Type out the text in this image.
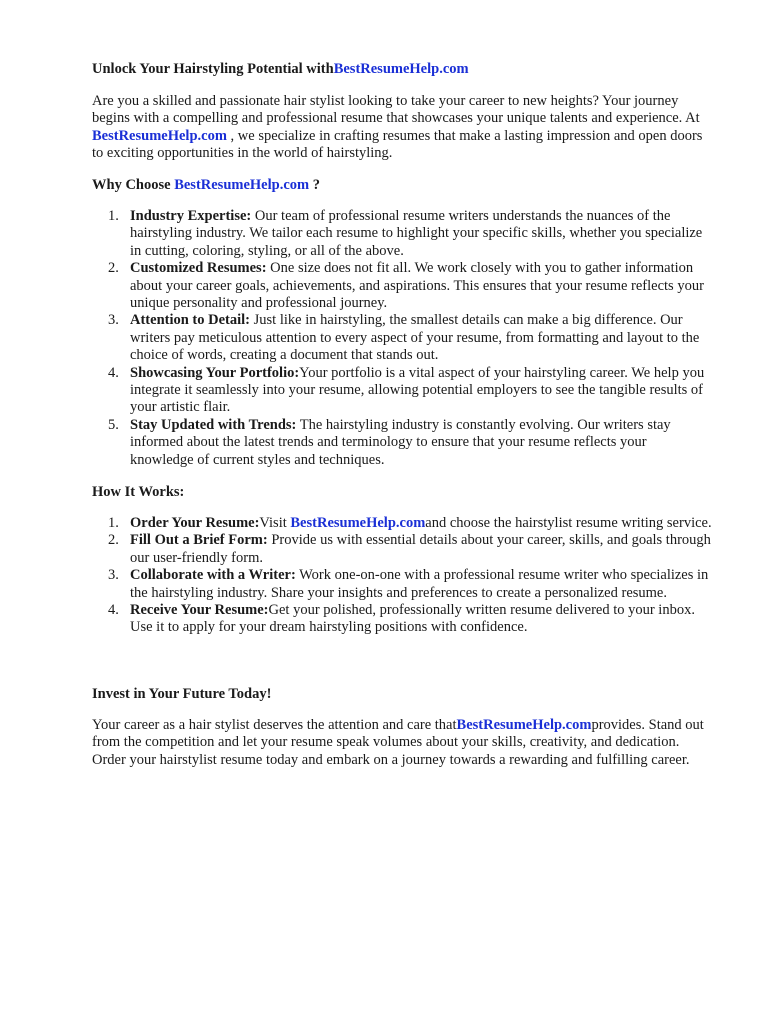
Unlock Your Hairstyling Potential withBestResumeHelp.com

Are you a skilled and passionate hair stylist looking to take your career to new heights? Your journey begins with a compelling and professional resume that showcases your unique talents and experience. At BestResumeHelp.com , we specialize in crafting resumes that make a lasting impression and open doors to exciting opportunities in the world of hairstyling.

Why Choose BestResumeHelp.com ?
1. Industry Expertise: Our team of professional resume writers understands the nuances of the hairstyling industry. We tailor each resume to highlight your specific skills, whether you specialize in cutting, coloring, styling, or all of the above.
2. Customized Resumes: One size does not fit all. We work closely with you to gather information about your career goals, achievements, and aspirations. This ensures that your resume reflects your unique personality and professional journey.
3. Attention to Detail: Just like in hairstyling, the smallest details can make a big difference. Our writers pay meticulous attention to every aspect of your resume, from formatting and layout to the choice of words, creating a document that stands out.
4. Showcasing Your Portfolio:Your portfolio is a vital aspect of your hairstyling career. We help you integrate it seamlessly into your resume, allowing potential employers to see the tangible results of your artistic flair.
5. Stay Updated with Trends: The hairstyling industry is constantly evolving. Our writers stay informed about the latest trends and terminology to ensure that your resume reflects your knowledge of current styles and techniques.
How It Works:
1. Order Your Resume:Visit BestResumeHelp.comand choose the hairstylist resume writing service.
2. Fill Out a Brief Form: Provide us with essential details about your career, skills, and goals through our user-friendly form.
3. Collaborate with a Writer: Work one-on-one with a professional resume writer who specializes in the hairstyling industry. Share your insights and preferences to create a personalized resume.
4. Receive Your Resume:Get your polished, professionally written resume delivered to your inbox. Use it to apply for your dream hairstyling positions with confidence.
Invest in Your Future Today!

Your career as a hair stylist deserves the attention and care thatBestResumeHelp.comprovides. Stand out from the competition and let your resume speak volumes about your skills, creativity, and dedication. Order your hairstylist resume today and embark on a journey towards a rewarding and fulfilling career.
